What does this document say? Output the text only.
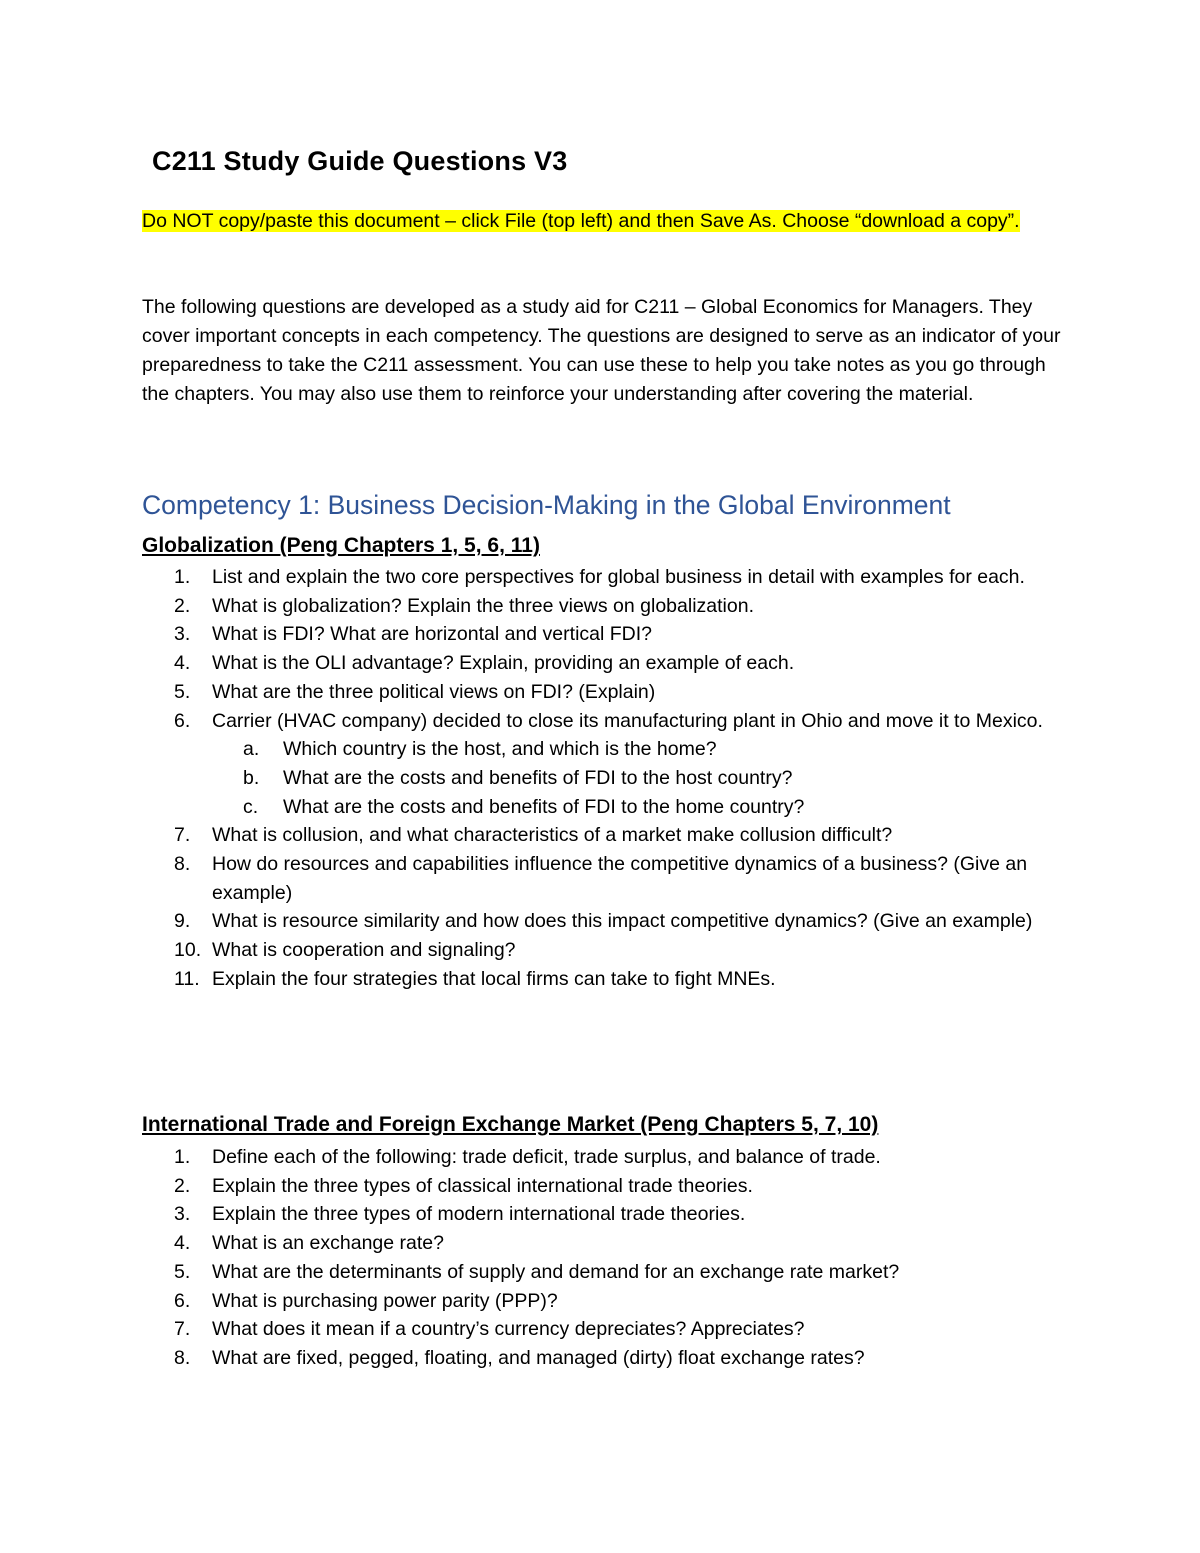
C211 Study Guide Questions V3

Do NOT copy/paste this document – click File (top left) and then Save As. Choose “download a copy”.

The following questions are developed as a study aid for C211 – Global Economics for Managers. They cover important concepts in each competency. The questions are designed to serve as an indicator of your preparedness to take the C211 assessment. You can use these to help you take notes as you go through the chapters. You may also use them to reinforce your understanding after covering the material.

Competency 1: Business Decision-Making in the Global Environment
Globalization (Peng Chapters 1, 5, 6, 11)
1. List and explain the two core perspectives for global business in detail with examples for each.
2. What is globalization? Explain the three views on globalization.
3. What is FDI? What are horizontal and vertical FDI?
4. What is the OLI advantage? Explain, providing an example of each.
5. What are the three political views on FDI? (Explain)
6. Carrier (HVAC company) decided to close its manufacturing plant in Ohio and move it to Mexico.
a. Which country is the host, and which is the home?
b. What are the costs and benefits of FDI to the host country?
c. What are the costs and benefits of FDI to the home country?
7. What is collusion, and what characteristics of a market make collusion difficult?
8. How do resources and capabilities influence the competitive dynamics of a business? (Give an example)
9. What is resource similarity and how does this impact competitive dynamics? (Give an example)
10. What is cooperation and signaling?
11. Explain the four strategies that local firms can take to fight MNEs.
International Trade and Foreign Exchange Market (Peng Chapters 5, 7, 10)
1. Define each of the following: trade deficit, trade surplus, and balance of trade.
2. Explain the three types of classical international trade theories.
3. Explain the three types of modern international trade theories.
4. What is an exchange rate?
5. What are the determinants of supply and demand for an exchange rate market?
6. What is purchasing power parity (PPP)?
7. What does it mean if a country’s currency depreciates? Appreciates?
8. What are fixed, pegged, floating, and managed (dirty) float exchange rates?
